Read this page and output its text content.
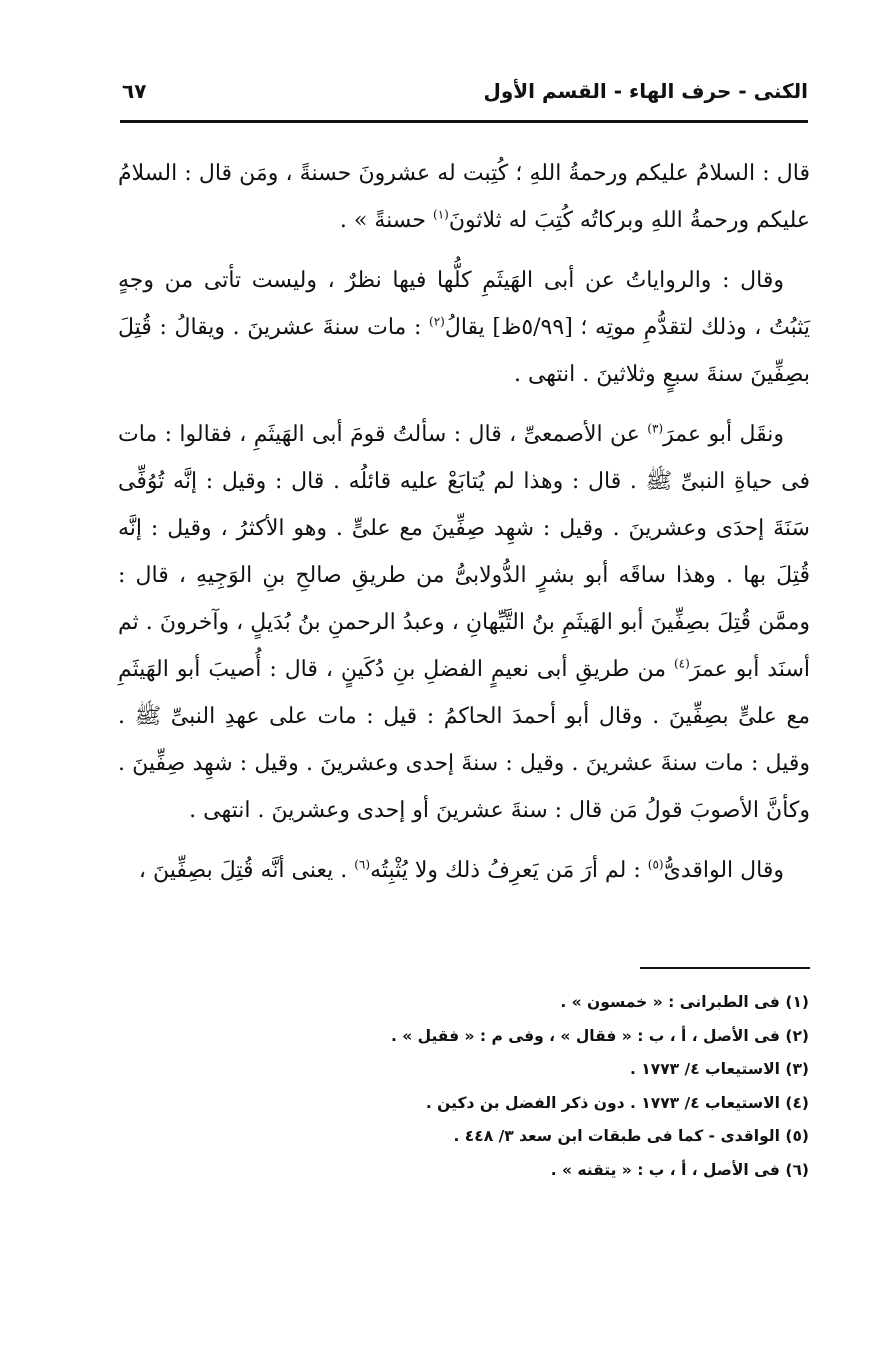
الكنى - حرف الهاء - القسم الأول
٦٧

قال : السلامُ عليكم ورحمةُ اللهِ ؛ كُتِبت له عشرونَ حسنةً ، ومَن قال : السلامُ عليكم ورحمةُ اللهِ وبركاتُه كُتِبَ له ثلاثونَ$^{(١)}$ حسنةً » .

وقال : والرواياتُ عن أبى الهَيثَمِ كلُّها فيها نظرٌ ، وليست تأتى من وجهٍ يَثبُتُ ، وذلك لتقدُّمِ موتِه ؛ [٥/٩٩ظ] يقالُ$^{(٢)}$ : مات سنةَ عشرينَ . ويقالُ : قُتِلَ بصِفِّينَ سنةَ سبعٍ وثلاثينَ . انتهى .

ونقَل أبو عمرَ$^{(٣)}$ عن الأصمعىِّ ، قال : سألتُ قومَ أبى الهَيثَمِ ، فقالوا : مات فى حياةِ النبىِّ ﷺ . قال : وهذا لم يُتابَعْ عليه قائلُه . قال : وقيل : إنَّه تُوُفِّى سَنَةَ إحدَى وعشرينَ . وقيل : شهِد صِفِّينَ مع علىٍّ . وهو الأكثرُ ، وقيل : إنَّه قُتِلَ بها . وهذا ساقَه أبو بشرٍ الدُّولابىُّ من طريقِ صالحِ بنِ الوَجِيهِ ، قال : وممَّن قُتِلَ بصِفِّينَ أبو الهَيثَمِ بنُ التَّيِّهانِ ، وعبدُ الرحمنِ بنُ بُدَيلٍ ، وآخرونَ . ثم أسنَد أبو عمرَ$^{(٤)}$ من طريقِ أبى نعيمٍ الفضلِ بنِ دُكَينٍ ، قال : أُصيبَ أبو الهَيثَمِ مع علىٍّ بصِفِّينَ . وقال أبو أحمدَ الحاكمُ : قيل : مات على عهدِ النبىِّ ﷺ . وقيل : مات سنةَ عشرينَ . وقيل : سنةَ إحدى وعشرينَ . وقيل : شهِد صِفِّينَ . وكأنَّ الأصوبَ قولُ مَن قال : سنةَ عشرينَ أو إحدى وعشرينَ . انتهى .

وقال الواقدىُّ$^{(٥)}$ : لم أرَ مَن يَعرِفُ ذلك ولا يُثْبِتُه$^{(٦)}$ . يعنى أنَّه قُتِلَ بصِفِّينَ ،

(١) فى الطبرانى : « خمسون » .
(٢) فى الأصل ، أ ، ب : « فقال » ، وفى م : « فقيل » .
(٣) الاستيعاب ٤/ ١٧٧٣ .
(٤) الاستيعاب ٤/ ١٧٧٣ . دون ذكر الفضل بن دكين .
(٥) الواقدى - كما فى طبقات ابن سعد ٣/ ٤٤٨ .
(٦) فى الأصل ، أ ، ب : « يتقنه » .
